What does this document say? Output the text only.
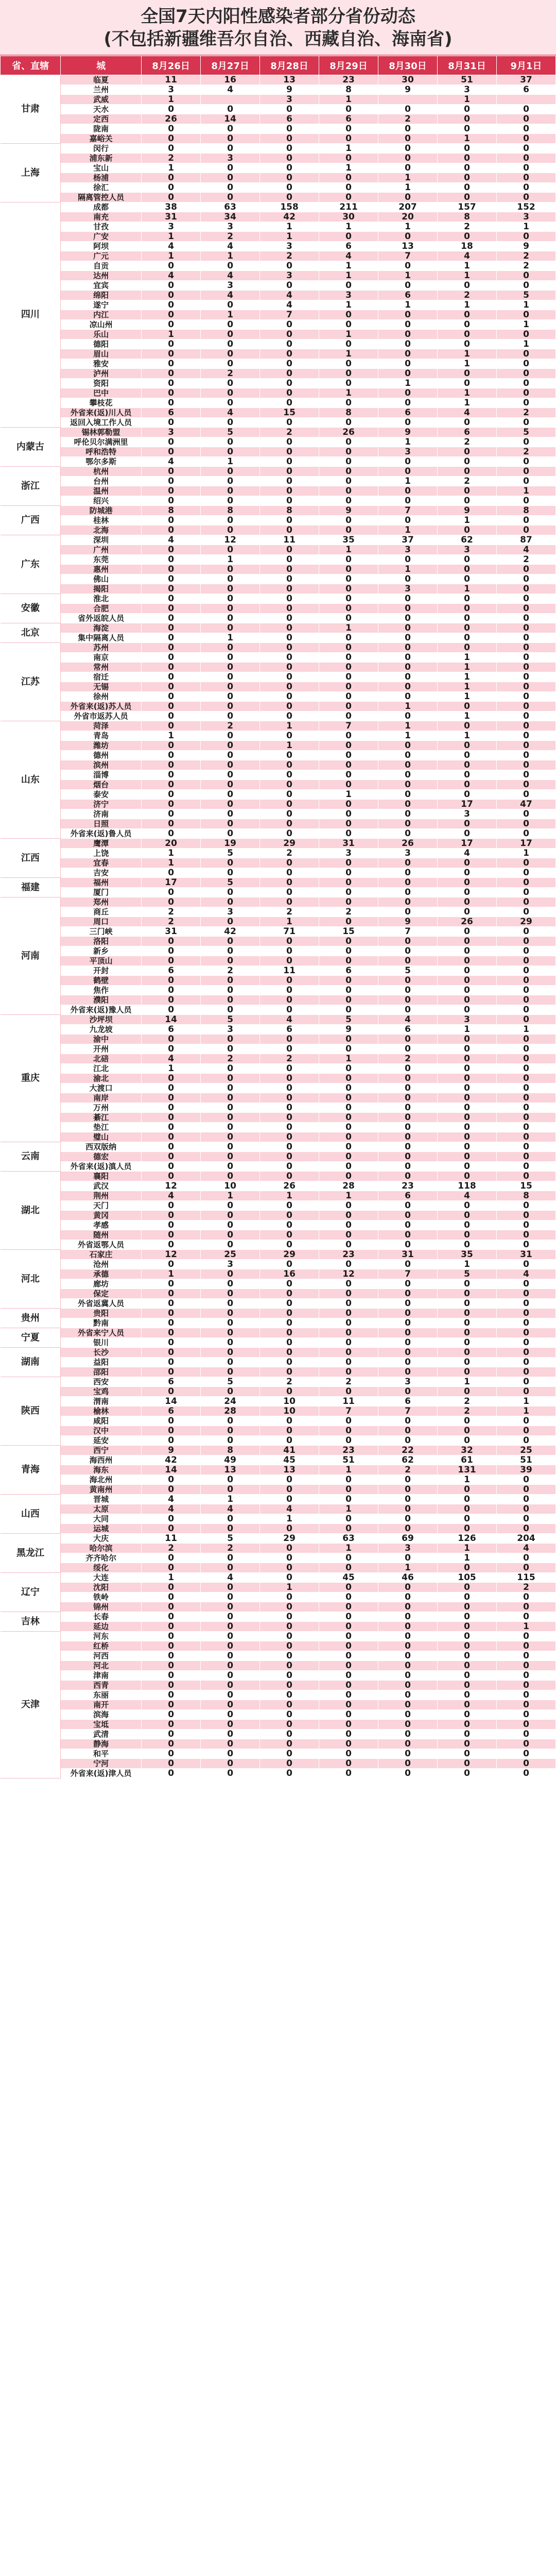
全国7天内阳性感染者部分省份动态
(不包括新疆维吾尔自治、西藏自治、海南省)
省、直辖	城	8月26日	8月27日	8月28日	8月29日	8月30日	8月31日	9月1日
甘肃	临夏	11	16	13	23	30	51	37
	兰州	3	4	9	8	9	3	6
	武威	1		3	1		1	
	天水	0	0	0	0	0	0	0
	定西	26	14	6	6	2	0	0
	陇南	0	0	0	0	0	0	0
	嘉峪关	0	0	0	0	0	1	0
上海	闵行	0	0	0	1	0	0	0
	浦东新	2	3	0	0	0	0	0
	宝山	1	0	0	1	0	0	0
	杨浦	0	0	0	0	1	0	0
	徐汇	0	0	0	0	1	0	0
	隔离管控人员	0	0	0	0	0	0	0
四川	成都	38	63	158	211	207	157	152
	南充	31	34	42	30	20	8	3
	甘孜	3	3	1	1	1	2	1
	广安	1	2	1	0	0	0	0
	阿坝	4	4	3	6	13	18	9
	广元	1	1	2	4	7	4	2
	自贡	0	0	0	1	0	1	2
	达州	4	4	3	1	1	1	0
	宜宾	0	3	0	0	0	0	0
	绵阳	0	4	4	3	6	2	5
	遂宁	0	0	4	1	1	1	1
	内江	0	1	7	0	0	0	0
	凉山州	0	0	0	0	0	0	1
	乐山	1	0	0	1	0	0	0
	德阳	0	0	0	0	0	0	1
	眉山	0	0	0	1	0	1	0
	雅安	0	0	0	0	0	1	0
	泸州	0	2	0	0	0	0	0
	资阳	0	0	0	0	1	0	0
	巴中	0	0	0	1	0	1	0
	攀枝花	0	0	0	0	0	1	0
	外省来(返)川人员	6	4	15	8	6	4	2
	返回入境工作人员	0	0	0	0	0	0	0
内蒙古	锡林郭勒盟	3	5	2	26	9	6	5
	呼伦贝尔满洲里	0	0	0	0	1	2	0
	呼和浩特	0	0	0	0	3	0	2
	鄂尔多斯	4	1	0	0	0	0	0
浙江	杭州	0	0	0	0	0	0	0
	台州	0	0	0	0	1	2	0
	温州	0	0	0	0	0	0	1
	绍兴	0	0	0	0	0	0	0
广西	防城港	8	8	8	9	7	9	8
	桂林	0	0	0	0	0	1	0
	北海	0	0	0	0	1	0	0
广东	深圳	4	12	11	35	37	62	87
	广州	0	0	0	1	3	3	4
	东莞	0	1	0	0	0	0	2
	惠州	0	0	0	0	1	0	0
	佛山	0	0	0	0	0	0	0
	揭阳	0	0	0	0	3	1	0
安徽	淮北	0	0	0	0	0	0	0
	合肥	0	0	0	0	0	0	0
	省外返皖人员	0	0	0	0	0	0	0
北京	海淀	0	0	0	1	0	0	0
	集中隔离人员	0	1	0	0	0	0	0
江苏	苏州	0	0	0	0	0	0	0
	南京	0	0	0	0	0	1	0
	常州	0	0	0	0	0	1	0
	宿迁	0	0	0	0	0	1	0
	无锡	0	0	0	0	0	1	0
	徐州	0	0	0	0	0	1	0
	外省来(返)苏人员	0	0	0	0	1	0	0
	外省市返苏人员	0	0	0	0	0	1	0
山东	菏泽	0	2	1	7	1	0	0
	青岛	1	0	0	0	1	1	0
	潍坊	0	0	1	0	0	0	0
	德州	0	0	0	0	0	0	0
	滨州	0	0	0	0	0	0	0
	淄博	0	0	0	0	0	0	0
	烟台	0	0	0	0	0	0	0
	泰安	0	0	0	1	0	0	0
	济宁	0	0	0	0	0	17	47
	济南	0	0	0	0	0	3	0
	日照	0	0	0	0	0	0	0
	外省来(返)鲁人员	0	0	0	0	0	0	0
江西	鹰潭	20	19	29	31	26	17	17
	上饶	1	5	2	3	3	4	1
	宜春	1	0	0	0	0	0	0
	吉安	0	0	0	0	0	0	0
福建	福州	17	5	0	0	0	0	0
	厦门	0	0	0	0	0	0	0
河南	郑州	0	0	0	0	0	0	0
	商丘	2	3	2	2	0	0	0
	周口	2	0	1	0	9	26	29
	三门峡	31	42	71	15	7	0	0
	洛阳	0	0	0	0	0	0	0
	新乡	0	0	0	0	0	0	0
	平顶山	0	0	0	0	0	0	0
	开封	6	2	11	6	5	0	0
	鹤壁	0	0	0	0	0	0	0
	焦作	0	0	0	0	0	0	0
	濮阳	0	0	0	0	0	0	0
	外省来(返)豫人员	0	0	0	0	0	0	0
重庆	沙坪坝	14	5	4	5	4	3	0
	九龙坡	6	3	6	9	6	1	1
	渝中	0	0	0	0	0	0	0
	开州	0	0	0	0	0	0	0
	北碚	4	2	2	1	2	0	0
	江北	1	0	0	0	0	0	0
	渝北	0	0	0	0	0	0	0
	大渡口	0	0	0	0	0	0	0
	南岸	0	0	0	0	0	0	0
	万州	0	0	0	0	0	0	0
	綦江	0	0	0	0	0	0	0
	垫江	0	0	0	0	0	0	0
	璧山	0	0	0	0	0	0	0
云南	西双版纳	0	0	0	0	0	0	0
	德宏	0	0	0	0	0	0	0
	外省来(返)滇人员	0	0	0	0	0	0	0
湖北	襄阳	0	0	0	0	0	0	0
	武汉	12	10	26	28	23	118	15
	荆州	4	1	1	1	6	4	8
	天门	0	0	0	0	0	0	0
	黄冈	0	0	0	0	0	0	0
	孝感	0	0	0	0	0	0	0
	随州	0	0	0	0	0	0	0
	外省返鄂人员	0	0	0	0	0	0	0
河北	石家庄	12	25	29	23	31	35	31
	沧州	0	3	0	0	0	1	0
	承德	1	0	16	12	7	5	4
	廊坊	0	0	0	0	0	0	0
	保定	0	0	0	0	0	0	0
	外省返冀人员	0	0	0	0	0	0	0
贵州	贵阳	0	0	0	0	0	0	0
	黔南	0	0	0	0	0	0	0
宁夏	外省来宁人员	0	0	0	0	0	0	0
	银川	0	0	0	0	0	0	0
湖南	长沙	0	0	0	0	0	0	0
	益阳	0	0	0	0	0	0	0
	邵阳	0	0	0	0	0	0	0
陕西	西安	6	5	2	2	3	1	0
	宝鸡	0	0	0	0	0	0	0
	渭南	14	24	10	11	6	2	1
	榆林	6	28	10	7	7	2	1
	咸阳	0	0	0	0	0	0	0
	汉中	0	0	0	0	0	0	0
	延安	0	0	0	0	0	0	0
青海	西宁	9	8	41	23	22	32	25
	海西州	42	49	45	51	62	61	51
	海东	14	13	13	1	2	131	39
	海北州	0	0	0	0	0	1	0
	黄南州	0	0	0	0	0	0	0
山西	晋城	4	1	0	0	0	0	0
	太原	4	4	4	1	0	0	0
	大同	0	0	1	0	0	0	0
	运城	0	0	0	0	0	0	0
黑龙江	大庆	11	5	29	63	69	126	204
	哈尔滨	2	2	0	1	3	1	4
	齐齐哈尔	0	0	0	0	0	1	0
	绥化	0	0	0	0	1	0	0
辽宁	大连	1	4	0	45	46	105	115
	沈阳	0	0	1	0	0	0	2
	铁岭	0	0	0	0	0	0	0
	锦州	0	0	0	0	0	0	0
吉林	长春	0	0	0	0	0	0	0
	延边	0	0	0	0	0	0	1
天津	河东	0	0	0	0	0	0	0
	红桥	0	0	0	0	0	0	0
	河西	0	0	0	0	0	0	0
	河北	0	0	0	0	0	0	0
	津南	0	0	0	0	0	0	0
	西青	0	0	0	0	0	0	0
	东丽	0	0	0	0	0	0	0
	南开	0	0	0	0	0	0	0
	滨海	0	0	0	0	0	0	0
	宝坻	0	0	0	0	0	0	0
	武清	0	0	0	0	0	0	0
	静海	0	0	0	0	0	0	0
	和平	0	0	0	0	0	0	0
	宁河	0	0	0	0	0	0	0
	外省来(返)津人员	0	0	0	0	0	0	0
